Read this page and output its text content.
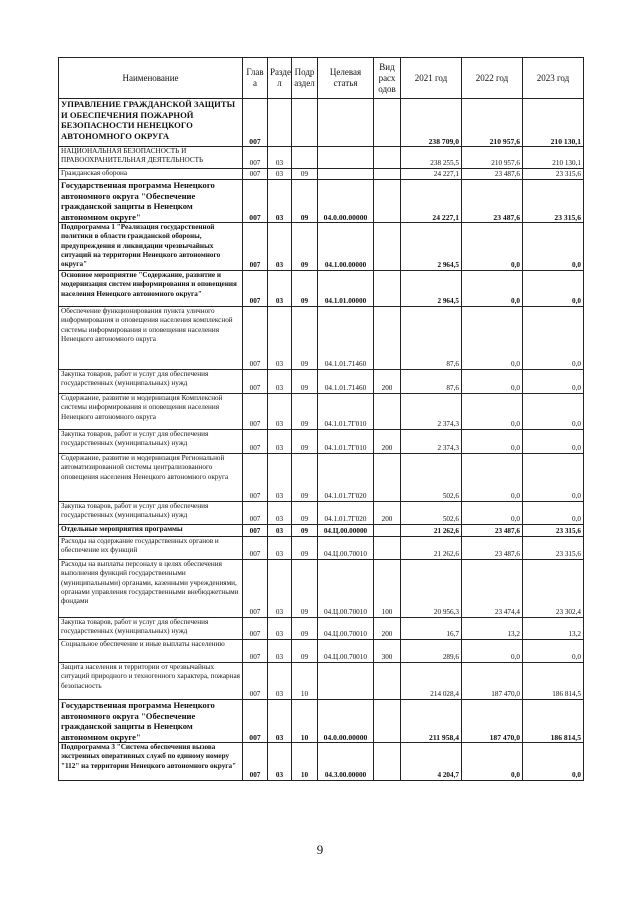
Наименование	Глав а	Разде л	Подр аздел	Целевая статья	Вид расх одов	2021 год	2022 год	2023 год
УПРАВЛЕНИЕ ГРАЖДАНСКОЙ ЗАЩИТЫ И ОБЕСПЕЧЕНИЯ ПОЖАРНОЙ БЕЗОПАСНОСТИ НЕНЕЦКОГО АВТОНОМНОГО ОКРУГА	007					238 709,0	210 957,6	210 130,1
НАЦИОНАЛЬНАЯ БЕЗОПАСНОСТЬ И ПРАВООХРАНИТЕЛЬНАЯ ДЕЯТЕЛЬНОСТЬ	007	03				238 255,5	210 957,6	210 130,1
Гражданская оборона	007	03	09			24 227,1	23 487,6	23 315,6
Государственная программа Ненецкого автономного округа "Обеспечение гражданской защиты в Ненецком автономном округе"	007	03	09	04.0.00.00000		24 227,1	23 487,6	23 315,6
Подпрограмма 1 "Реализация государственной политики в области гражданской обороны, предупреждения и ликвидации чрезвычайных ситуаций на территории Ненецкого автономного округа"	007	03	09	04.1.00.00000		2 964,5	0,0	0,0
Основное мероприятие "Содержание, развитие и модернизация систем информирования и оповещения населения Ненецкого автономного округа"	007	03	09	04.1.01.00000		2 964,5	0,0	0,0
Обеспечение функционирования пункта уличного информирования и оповещения населения комплексной системы информирования и оповещения населения Ненецкого автономного округа	007	03	09	04.1.01.71460		87,6	0,0	0,0
Закупка товаров, работ и услуг для обеспечения государственных (муниципальных) нужд	007	03	09	04.1.01.71460	200	87,6	0,0	0,0
Содержание, развитие и модернизация Комплексной системы информирования и оповещения населения Ненецкого автономного округа	007	03	09	04.1.01.7Г010		2 374,3	0,0	0,0
Закупка товаров, работ и услуг для обеспечения государственных (муниципальных) нужд	007	03	09	04.1.01.7Г010	200	2 374,3	0,0	0,0
Содержание, развитие и модернизация Региональной автоматизированной системы централизованного оповещения населения Ненецкого автономного округа	007	03	09	04.1.01.7Г020		502,6	0,0	0,0
Закупка товаров, работ и услуг для обеспечения государственных (муниципальных) нужд	007	03	09	04.1.01.7Г020	200	502,6	0,0	0,0
Отдельные мероприятия программы	007	03	09	04.Ц.00.00000		21 262,6	23 487,6	23 315,6
Расходы на содержание государственных органов и обеспечение их функций	007	03	09	04.Ц.00.70010		21 262,6	23 487,6	23 315,6
Расходы на выплаты персоналу в целях обеспечения выполнения функций государственными (муниципальными) органами, казенными учреждениями, органами управления государственными внебюджетными фондами	007	03	09	04.Ц.00.70010	100	20 956,3	23 474,4	23 302,4
Закупка товаров, работ и услуг для обеспечения государственных (муниципальных) нужд	007	03	09	04.Ц.00.70010	200	16,7	13,2	13,2
Социальное обеспечение и иные выплаты населению	007	03	09	04.Ц.00.70010	300	289,6	0,0	0,0
Защита населения и территории от чрезвычайных ситуаций природного и техногенного характера, пожарная безопасность	007	03	10			214 028,4	187 470,0	186 814,5
Государственная программа Ненецкого автономного округа "Обеспечение гражданской защиты в Ненецком автономном округе"	007	03	10	04.0.00.00000		211 958,4	187 470,0	186 814,5
Подпрограмма 3 "Система обеспечения вызова экстренных оперативных служб по единому номеру "112" на территории Ненецкого автономного округа"	007	03	10	04.3.00.00000		4 204,7	0,0	0,0
9
